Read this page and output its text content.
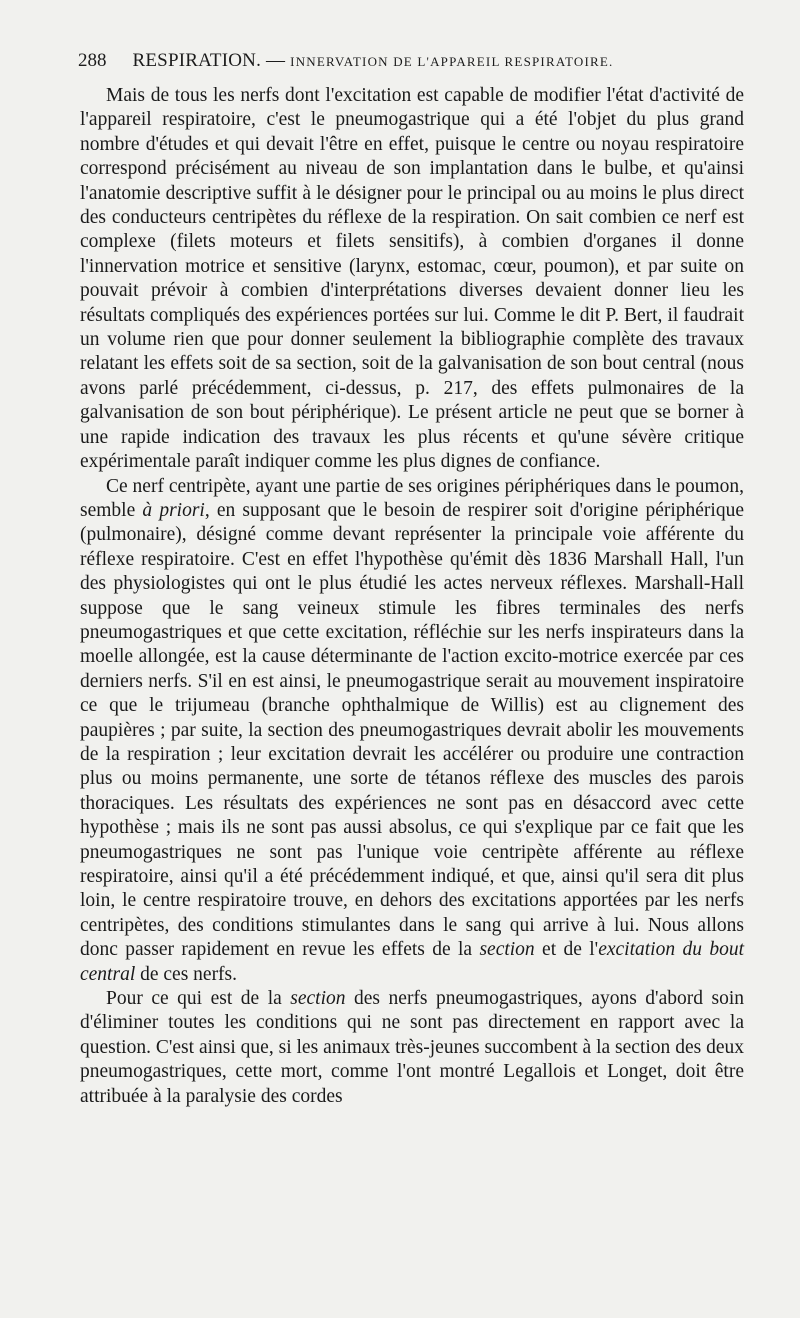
288 RESPIRATION. — INNERVATION DE L'APPAREIL RESPIRATOIRE.

Mais de tous les nerfs dont l'excitation est capable de modifier l'état d'activité de l'appareil respiratoire, c'est le pneumogastrique qui a été l'objet du plus grand nombre d'études et qui devait l'être en effet, puisque le centre ou noyau respiratoire correspond précisément au niveau de son implantation dans le bulbe, et qu'ainsi l'anatomie descriptive suffit à le désigner pour le principal ou au moins le plus direct des conducteurs centripètes du réflexe de la respiration. On sait combien ce nerf est complexe (filets moteurs et filets sensitifs), à combien d'organes il donne l'innervation motrice et sensitive (larynx, estomac, cœur, poumon), et par suite on pouvait prévoir à combien d'interprétations diverses devaient donner lieu les résultats compliqués des expériences portées sur lui. Comme le dit P. Bert, il faudrait un volume rien que pour donner seulement la bibliographie complète des travaux relatant les effets soit de sa section, soit de la galvanisation de son bout central (nous avons parlé précédemment, ci-dessus, p. 217, des effets pulmonaires de la galvanisation de son bout périphérique). Le présent article ne peut que se borner à une rapide indication des travaux les plus récents et qu'une sévère critique expérimentale paraît indiquer comme les plus dignes de confiance.

Ce nerf centripète, ayant une partie de ses origines périphériques dans le poumon, semble à priori, en supposant que le besoin de respirer soit d'origine périphérique (pulmonaire), désigné comme devant représenter la principale voie afférente du réflexe respiratoire. C'est en effet l'hypothèse qu'émit dès 1836 Marshall Hall, l'un des physiologistes qui ont le plus étudié les actes nerveux réflexes. Marshall-Hall suppose que le sang veineux stimule les fibres terminales des nerfs pneumogastriques et que cette excitation, réfléchie sur les nerfs inspirateurs dans la moelle allongée, est la cause déterminante de l'action excito-motrice exercée par ces derniers nerfs. S'il en est ainsi, le pneumogastrique serait au mouvement inspiratoire ce que le trijumeau (branche ophthalmique de Willis) est au clignement des paupières ; par suite, la section des pneumogastriques devrait abolir les mouvements de la respiration ; leur excitation devrait les accélérer ou produire une contraction plus ou moins permanente, une sorte de tétanos réflexe des muscles des parois thoraciques. Les résultats des expériences ne sont pas en désaccord avec cette hypothèse ; mais ils ne sont pas aussi absolus, ce qui s'explique par ce fait que les pneumogastriques ne sont pas l'unique voie centripète afférente au réflexe respiratoire, ainsi qu'il a été précédemment indiqué, et que, ainsi qu'il sera dit plus loin, le centre respiratoire trouve, en dehors des excitations apportées par les nerfs centripètes, des conditions stimulantes dans le sang qui arrive à lui. Nous allons donc passer rapidement en revue les effets de la section et de l'excitation du bout central de ces nerfs.

Pour ce qui est de la section des nerfs pneumogastriques, ayons d'abord soin d'éliminer toutes les conditions qui ne sont pas directement en rapport avec la question. C'est ainsi que, si les animaux très-jeunes succombent à la section des deux pneumogastriques, cette mort, comme l'ont montré Legallois et Longet, doit être attribuée à la paralysie des cordes
